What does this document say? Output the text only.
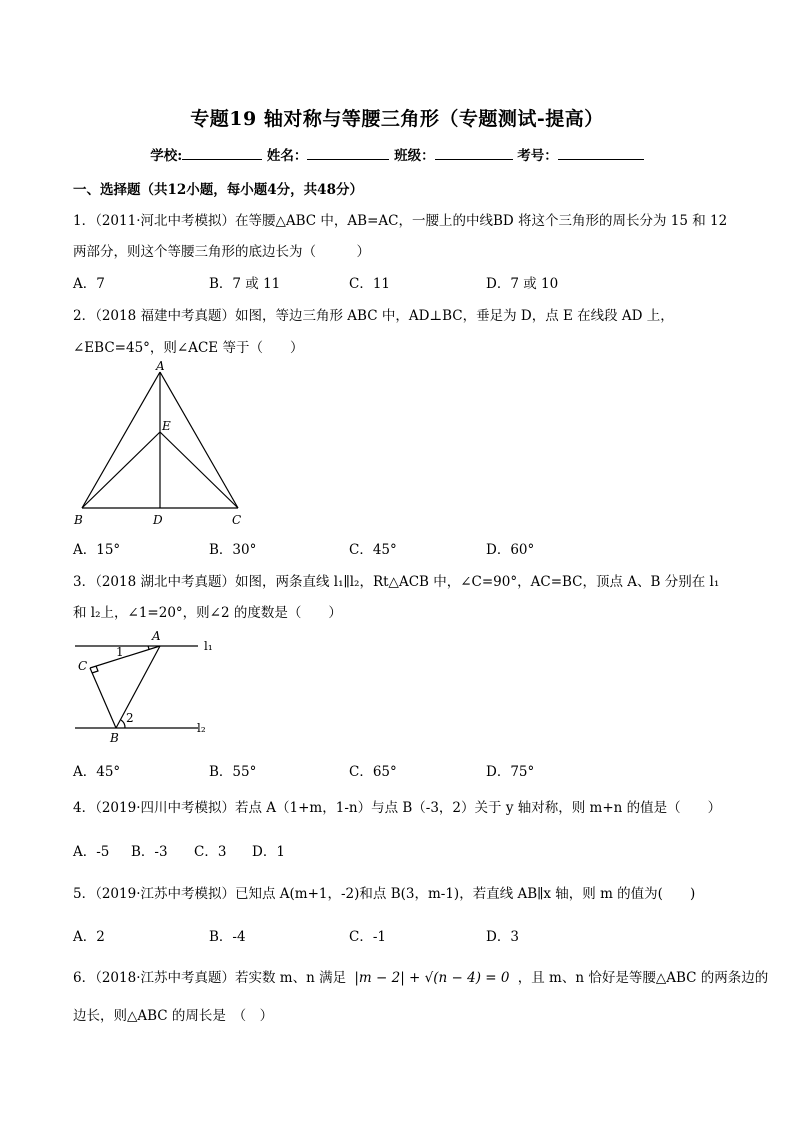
专题19 轴对称与等腰三角形（专题测试-提高）
学校:	姓名：	班级：	考号：
一、选择题（共12小题，每小题4分，共48分）
1．（2011·河北中考模拟）在等腰△ABC 中，AB=AC，一腰上的中线BD 将这个三角形的周长分为 15 和 12
两部分，则这个等腰三角形的底边长为（　　　）
A．7	B．7 或 11	C．11	D．7 或 10
2．（2018 福建中考真题）如图，等边三角形 ABC 中，AD⊥BC，垂足为 D，点 E 在线段 AD 上，
∠EBC=45°，则∠ACE 等于（　　）
A
E
B	D	C
A．15°	B．30°	C．45°	D．60°
3．（2018 湖北中考真题）如图，两条直线 l₁∥l₂，Rt△ACB 中，∠C=90°，AC=BC，顶点 A、B 分别在 l₁
和 l₂上，∠1=20°，则∠2 的度数是（　　）
A
C
1	l₁
2
B
l₂
A．45°	B．55°	C．65°	D．75°
4．（2019·四川中考模拟）若点 A（1+m，1-n）与点 B（-3，2）关于 y 轴对称，则 m+n 的值是（　　）
A．-5 B．-3 C．3 D．1
5．（2019·江苏中考模拟）已知点 A(m+1，-2)和点 B(3，m-1)，若直线 AB∥x 轴，则 m 的值为(　　)
A．2	B．-4	C．-1	D．3
6．（2018·江苏中考真题）若实数 m、n 满足 |m − 2| + √(n − 4) = 0 ，且 m、n 恰好是等腰△ABC 的两条边的
边长，则△ABC 的周长是　（　）
